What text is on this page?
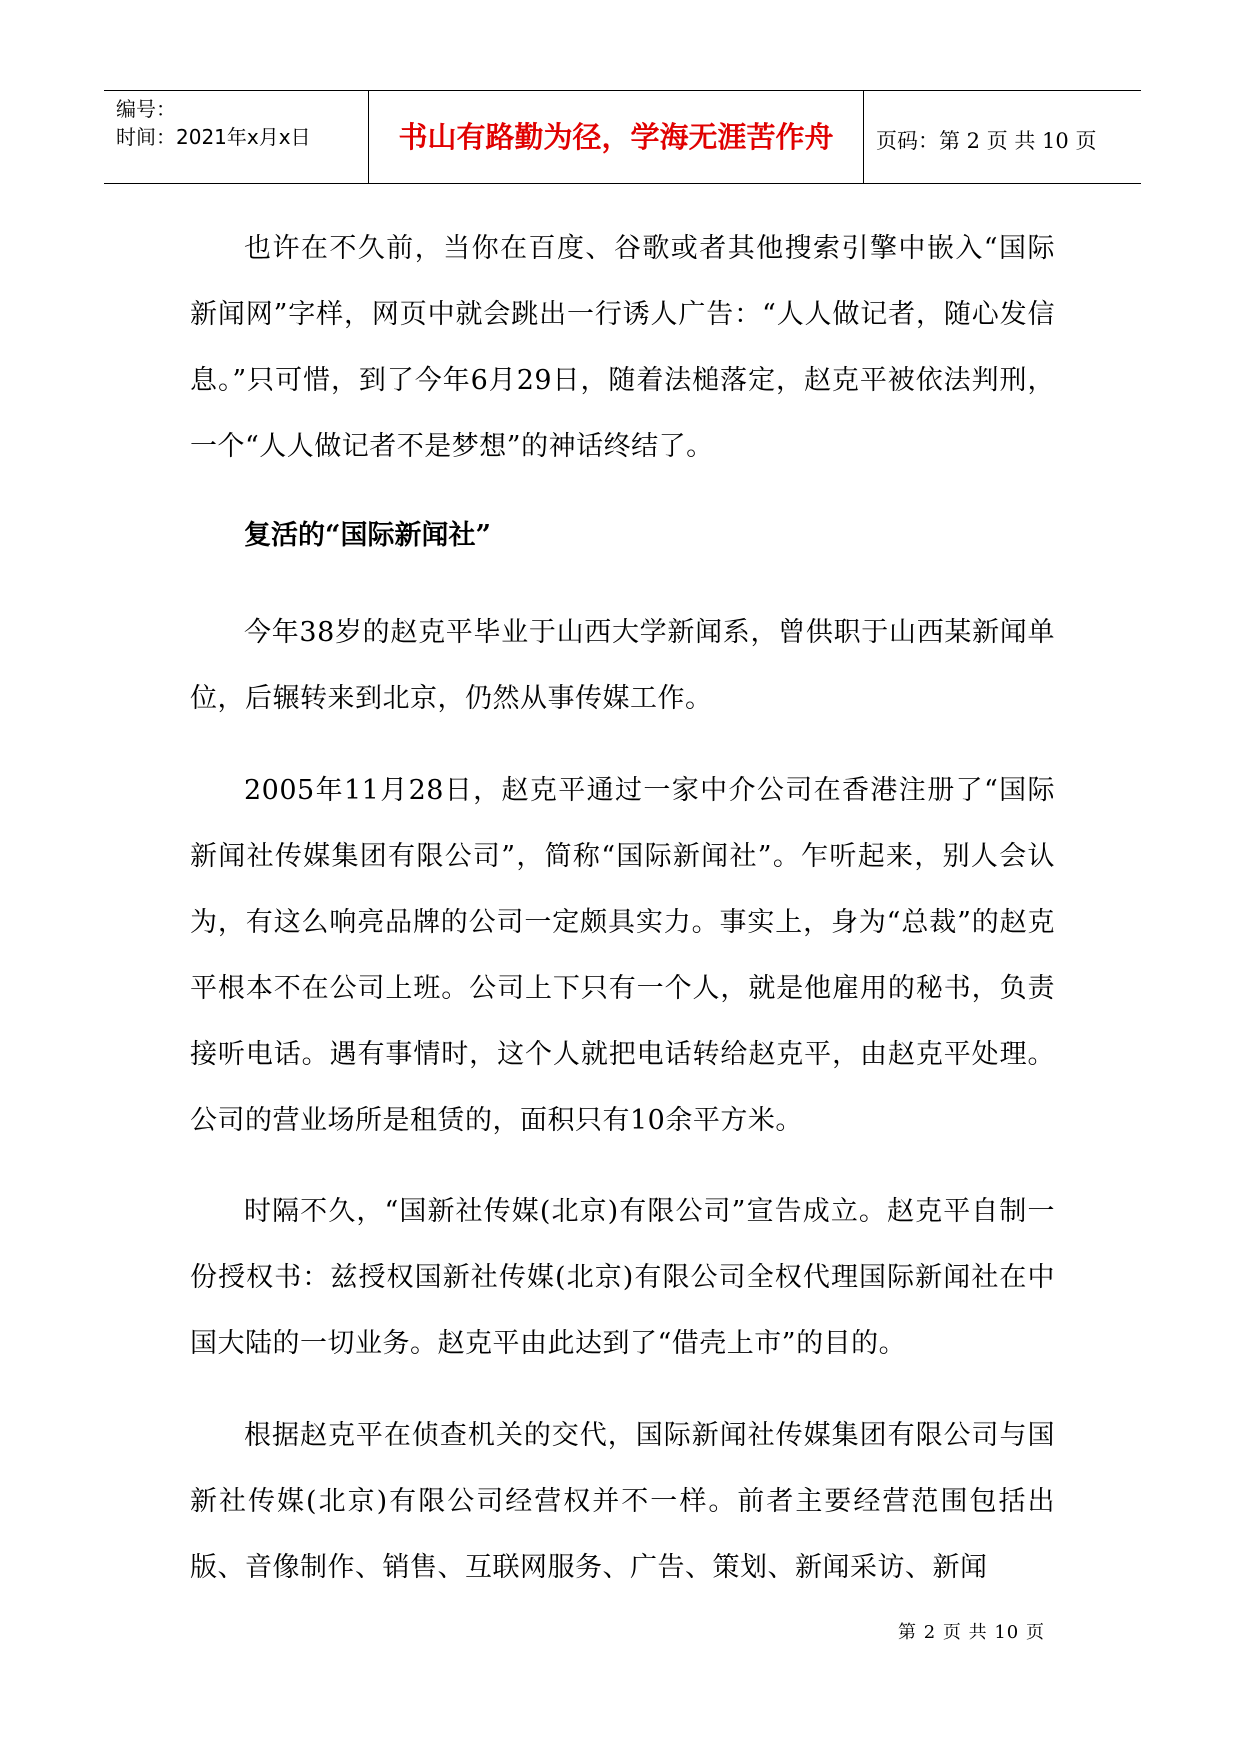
编号：
时间：2021年x月x日	书山有路勤为径，学海无涯苦作舟	页码：第 2 页 共 10 页

也许在不久前，当你在百度、谷歌或者其他搜索引擎中嵌入“国际新闻网”字样，网页中就会跳出一行诱人广告：“人人做记者，随心发信息。”只可惜，到了今年6月29日，随着法槌落定，赵克平被依法判刑，一个“人人做记者不是梦想”的神话终结了。

复活的“国际新闻社”

今年38岁的赵克平毕业于山西大学新闻系，曾供职于山西某新闻单位，后辗转来到北京，仍然从事传媒工作。

2005年11月28日，赵克平通过一家中介公司在香港注册了“国际新闻社传媒集团有限公司”，简称“国际新闻社”。乍听起来，别人会认为，有这么响亮品牌的公司一定颇具实力。事实上，身为“总裁”的赵克平根本不在公司上班。公司上下只有一个人，就是他雇用的秘书，负责接听电话。遇有事情时，这个人就把电话转给赵克平，由赵克平处理。公司的营业场所是租赁的，面积只有10余平方米。

时隔不久，“国新社传媒(北京)有限公司”宣告成立。赵克平自制一份授权书：兹授权国新社传媒(北京)有限公司全权代理国际新闻社在中国大陆的一切业务。赵克平由此达到了“借壳上市”的目的。

根据赵克平在侦查机关的交代，国际新闻社传媒集团有限公司与国新社传媒(北京)有限公司经营权并不一样。前者主要经营范围包括出版、音像制作、销售、互联网服务、广告、策划、新闻采访、新闻

第 2 页 共 10 页
